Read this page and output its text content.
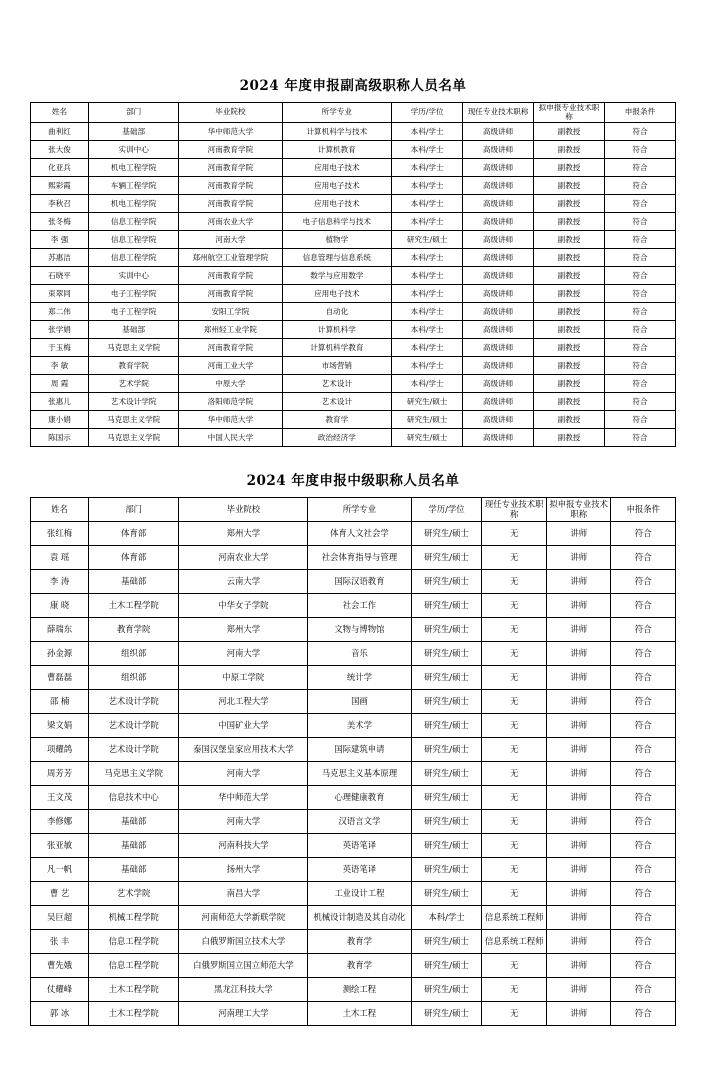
2024 年度申报副高级职称人员名单
姓名	部门	毕业院校	所学专业	学历/学位	现任专业技术职称	拟申报专业技术职称	申报条件
曲利红	基础部	华中师范大学	计算机科学与技术	本科/学士	高级讲师	副教授	符合
张大俊	实训中心	河南教育学院	计算机教育	本科/学士	高级讲师	副教授	符合
化亚兵	机电工程学院	河南教育学院	应用电子技术	本科/学士	高级讲师	副教授	符合
熙彩霞	车辆工程学院	河南教育学院	应用电子技术	本科/学士	高级讲师	副教授	符合
李秋召	机电工程学院	河南教育学院	应用电子技术	本科/学士	高级讲师	副教授	符合
张冬梅	信息工程学院	河南农业大学	电子信息科学与技术	本科/学士	高级讲师	副教授	符合
李 强	信息工程学院	河南大学	植物学	研究生/硕士	高级讲师	副教授	符合
苏惠洁	信息工程学院	郑州航空工业管理学院	信息管理与信息系统	本科/学士	高级讲师	副教授	符合
石晓平	实训中心	河南教育学院	数学与应用数学	本科/学士	高级讲师	副教授	符合
束翠同	电子工程学院	河南教育学院	应用电子技术	本科/学士	高级讲师	副教授	符合
郑二伟	电子工程学院	安阳工学院	自动化	本科/学士	高级讲师	副教授	符合
张学娟	基础部	郑州轻工业学院	计算机科学	本科/学士	高级讲师	副教授	符合
于玉梅	马克思主义学院	河南教育学院	计算机科学教育	本科/学士	高级讲师	副教授	符合
李 敏	教育学院	河南工业大学	市场营销	本科/学士	高级讲师	副教授	符合
周 霞	艺术学院	中原大学	艺术设计	本科/学士	高级讲师	副教授	符合
张惠儿	艺术设计学院	洛阳师范学院	艺术设计	研究生/硕士	高级讲师	副教授	符合
康小娟	马克思主义学院	华中师范大学	教育学	研究生/硕士	高级讲师	副教授	符合
陈国示	马克思主义学院	中国人民大学	政治经济学	研究生/硕士	高级讲师	副教授	符合
2024 年度申报中级职称人员名单
姓名	部门	毕业院校	所学专业	学历/学位	现任专业技术职称	拟申报专业技术职称	申报条件
张红梅	体育部	郑州大学	体育人文社会学	研究生/硕士	无	讲师	符合
袁 瑶	体育部	河南农业大学	社会体育指导与管理	研究生/硕士	无	讲师	符合
李 涛	基础部	云南大学	国际汉语教育	研究生/硕士	无	讲师	符合
康 晓	土木工程学院	中华女子学院	社会工作	研究生/硕士	无	讲师	符合
薛瑞东	教育学院	郑州大学	文物与博物馆	研究生/硕士	无	讲师	符合
孙金源	组织部	河南大学	音乐	研究生/硕士	无	讲师	符合
曹磊磊	组织部	中原工学院	统计学	研究生/硕士	无	讲师	符合
邵 楠	艺术设计学院	河北工程大学	国画	研究生/硕士	无	讲师	符合
梁文娟	艺术设计学院	中国矿业大学	美术学	研究生/硕士	无	讲师	符合
项耀鸽	艺术设计学院	泰国汉堡皇家应用技术大学	国际建筑申请	研究生/硕士	无	讲师	符合
周芳芳	马克思主义学院	河南大学	马克思主义基本原理	研究生/硕士	无	讲师	符合
王文茂	信息技术中心	华中师范大学	心理健康教育	研究生/硕士	无	讲师	符合
李修娜	基础部	河南大学	汉语言文学	研究生/硕士	无	讲师	符合
张亚敏	基础部	河南科技大学	英语笔译	研究生/硕士	无	讲师	符合
凡一帆	基础部	扬州大学	英语笔译	研究生/硕士	无	讲师	符合
曹 艺	艺术学院	南昌大学	工业设计工程	研究生/硕士	无	讲师	符合
吴巨超	机械工程学院	河南师范大学新联学院	机械设计制造及其自动化	本科/学士	信息系统工程师	讲师	符合
张 丰	信息工程学院	白俄罗斯国立技术大学	教育学	研究生/硕士	信息系统工程师	讲师	符合
曹先娥	信息工程学院	白俄罗斯国立国立师范大学	教育学	研究生/硕士	无	讲师	符合
仗耀峰	土木工程学院	黑龙江科技大学	测绘工程	研究生/硕士	无	讲师	符合
郭 冰	土木工程学院	河南理工大学	土木工程	研究生/硕士	无	讲师	符合
